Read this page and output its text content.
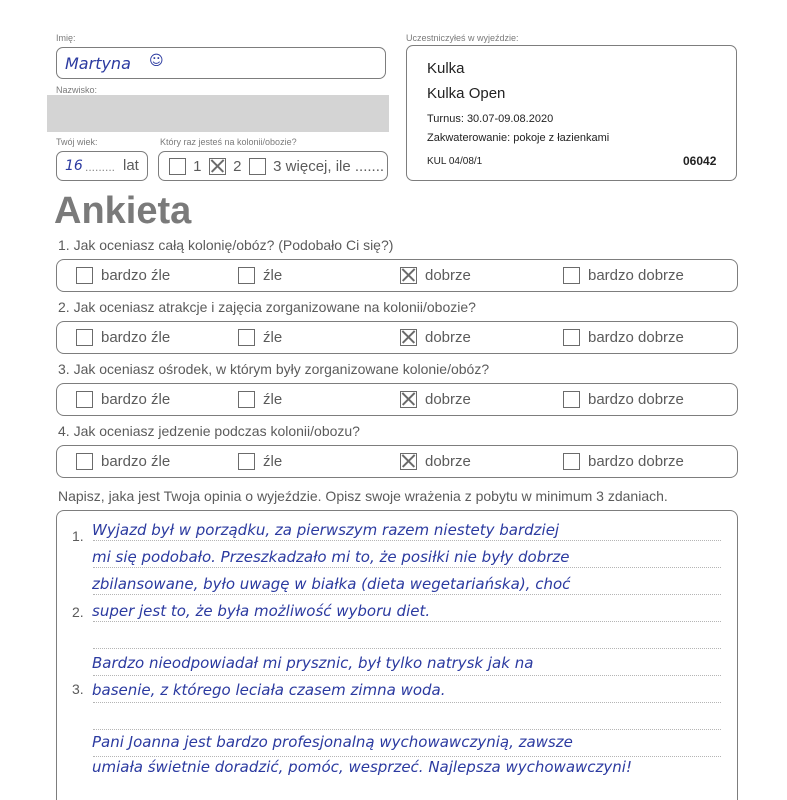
Imię:
Martyna ☺
Nazwisko:
Twój wiek:
16 ......... lat
Który raz jesteś na kolonii/obozie?
1	2	3 więcej, ile .......
Uczestniczyłeś w wyjeździe:
Kulka
Kulka Open
Turnus: 30.07-09.08.2020
Zakwaterowanie: pokoje z łazienkami
KUL 04/08/1	06042
Ankieta
1. Jak oceniasz całą kolonię/obóz? (Podobało Ci się?)
bardzo źle	źle	dobrze	bardzo dobrze
2. Jak oceniasz atrakcje i zajęcia zorganizowane na kolonii/obozie?
bardzo źle	źle	dobrze	bardzo dobrze
3. Jak oceniasz ośrodek, w którym były zorganizowane kolonie/obóz?
bardzo źle	źle	dobrze	bardzo dobrze
4. Jak oceniasz jedzenie podczas kolonii/obozu?
bardzo źle	źle	dobrze	bardzo dobrze
Napisz, jaka jest Twoja opinia o wyjeździe. Opisz swoje wrażenia z pobytu w minimum 3 zdaniach.
1.
2.
3.
Wyjazd był w porządku, za pierwszym razem niestety bardziej
mi się podobało. Przeszkadzało mi to, że posiłki nie były dobrze
zbilansowane, było uwagę w białka (dieta wegetariańska), choć
super jest to, że była możliwość wyboru diet.
Bardzo nieodpowiadał mi prysznic, był tylko natrysk jak na
basenie, z którego leciała czasem zimna woda.
Pani Joanna jest bardzo profesjonalną wychowawczynią, zawsze
umiała świetnie doradzić, pomóc, wesprzeć. Najlepsza wychowawczyni!
